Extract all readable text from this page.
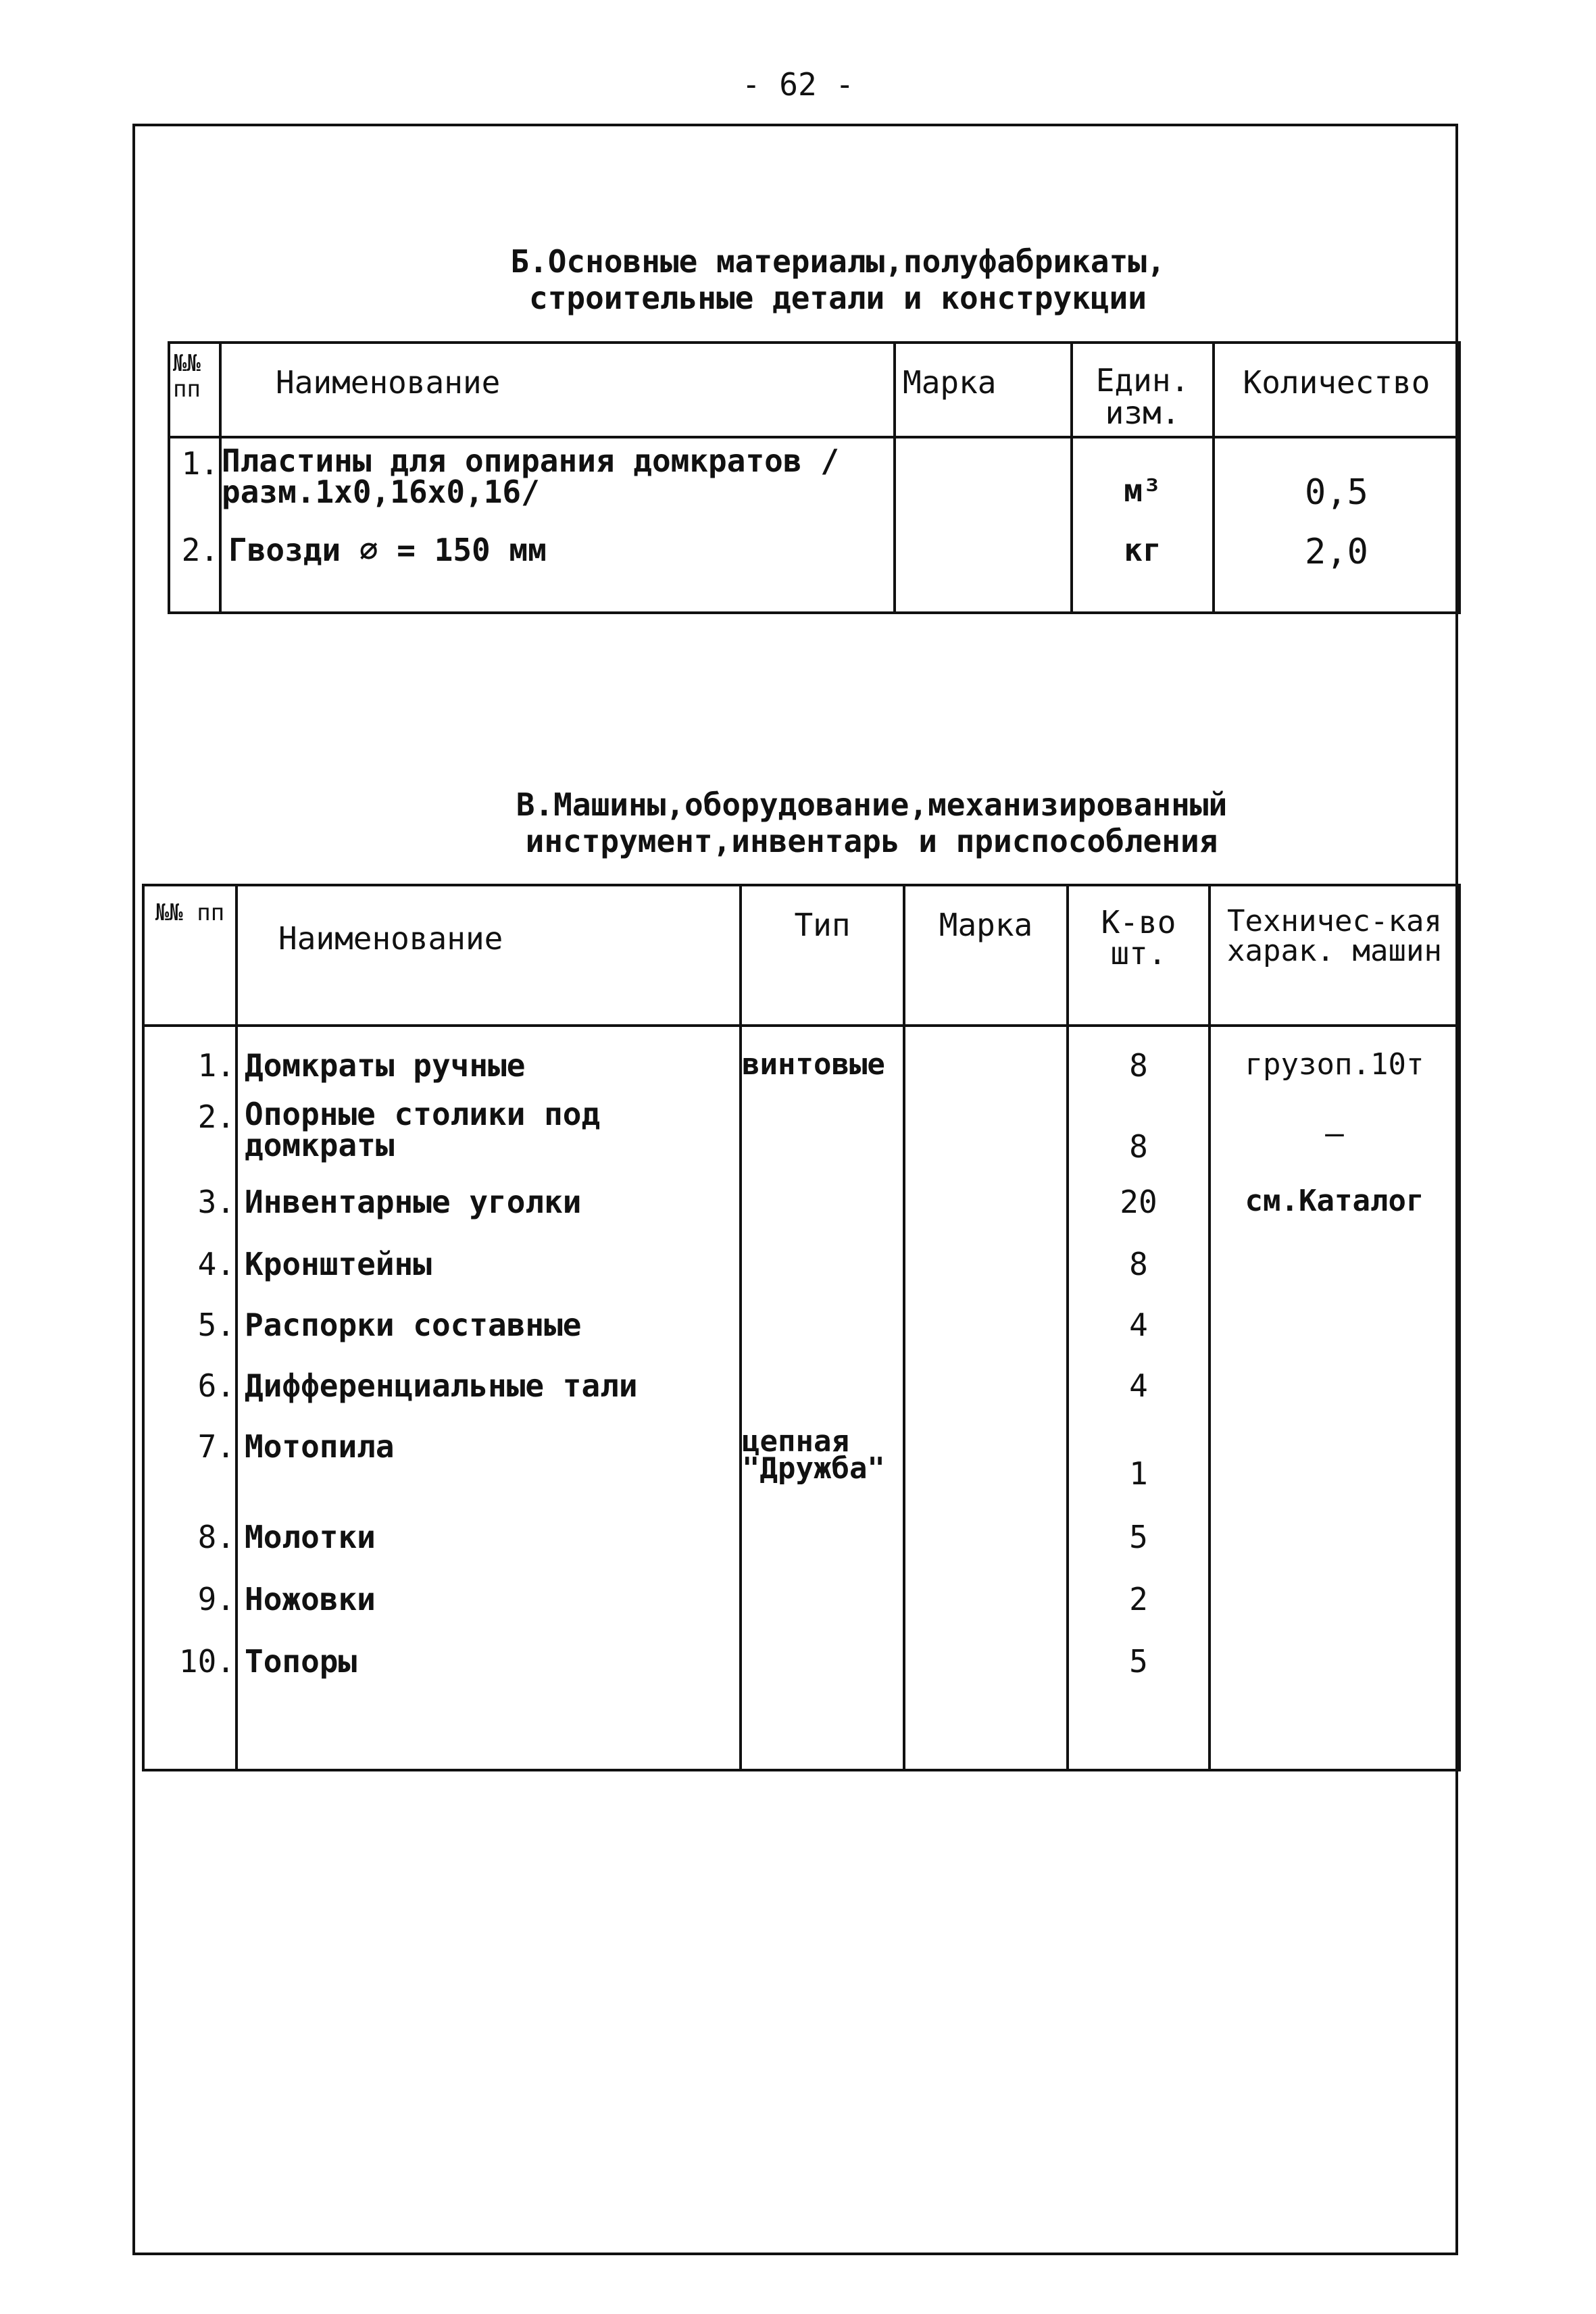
- 62 -
Б.Основные материалы,полуфабрикаты,
строительные детали и конструкции
№№ пп	Наименование	Марка	Един. изм.	Количество
1.	Пластины для опирания домкратов /разм.1х0,16х0,16/		м³	0,5
2.	Гвозди ∅ = 150 мм		кг	2,0
В.Машины,оборудование,механизированный
инструмент,инвентарь и приспособления
№№ пп	Наименование	Тип	Марка	К-во шт.	Техничес-кая харак. машин
1.	Домкраты ручные	винтовые		8	грузоп.10т
2.	Опорные столики под домкраты			8	–
3.	Инвентарные уголки			20	см.Каталог
4.	Кронштейны			8	
5.	Распорки составные			4	
6.	Дифференциальные тали			4	
7.	Мотопила	цепная "Дружба"		1	
8.	Молотки			5	
9.	Ножовки			2	
10.	Топоры			5	
